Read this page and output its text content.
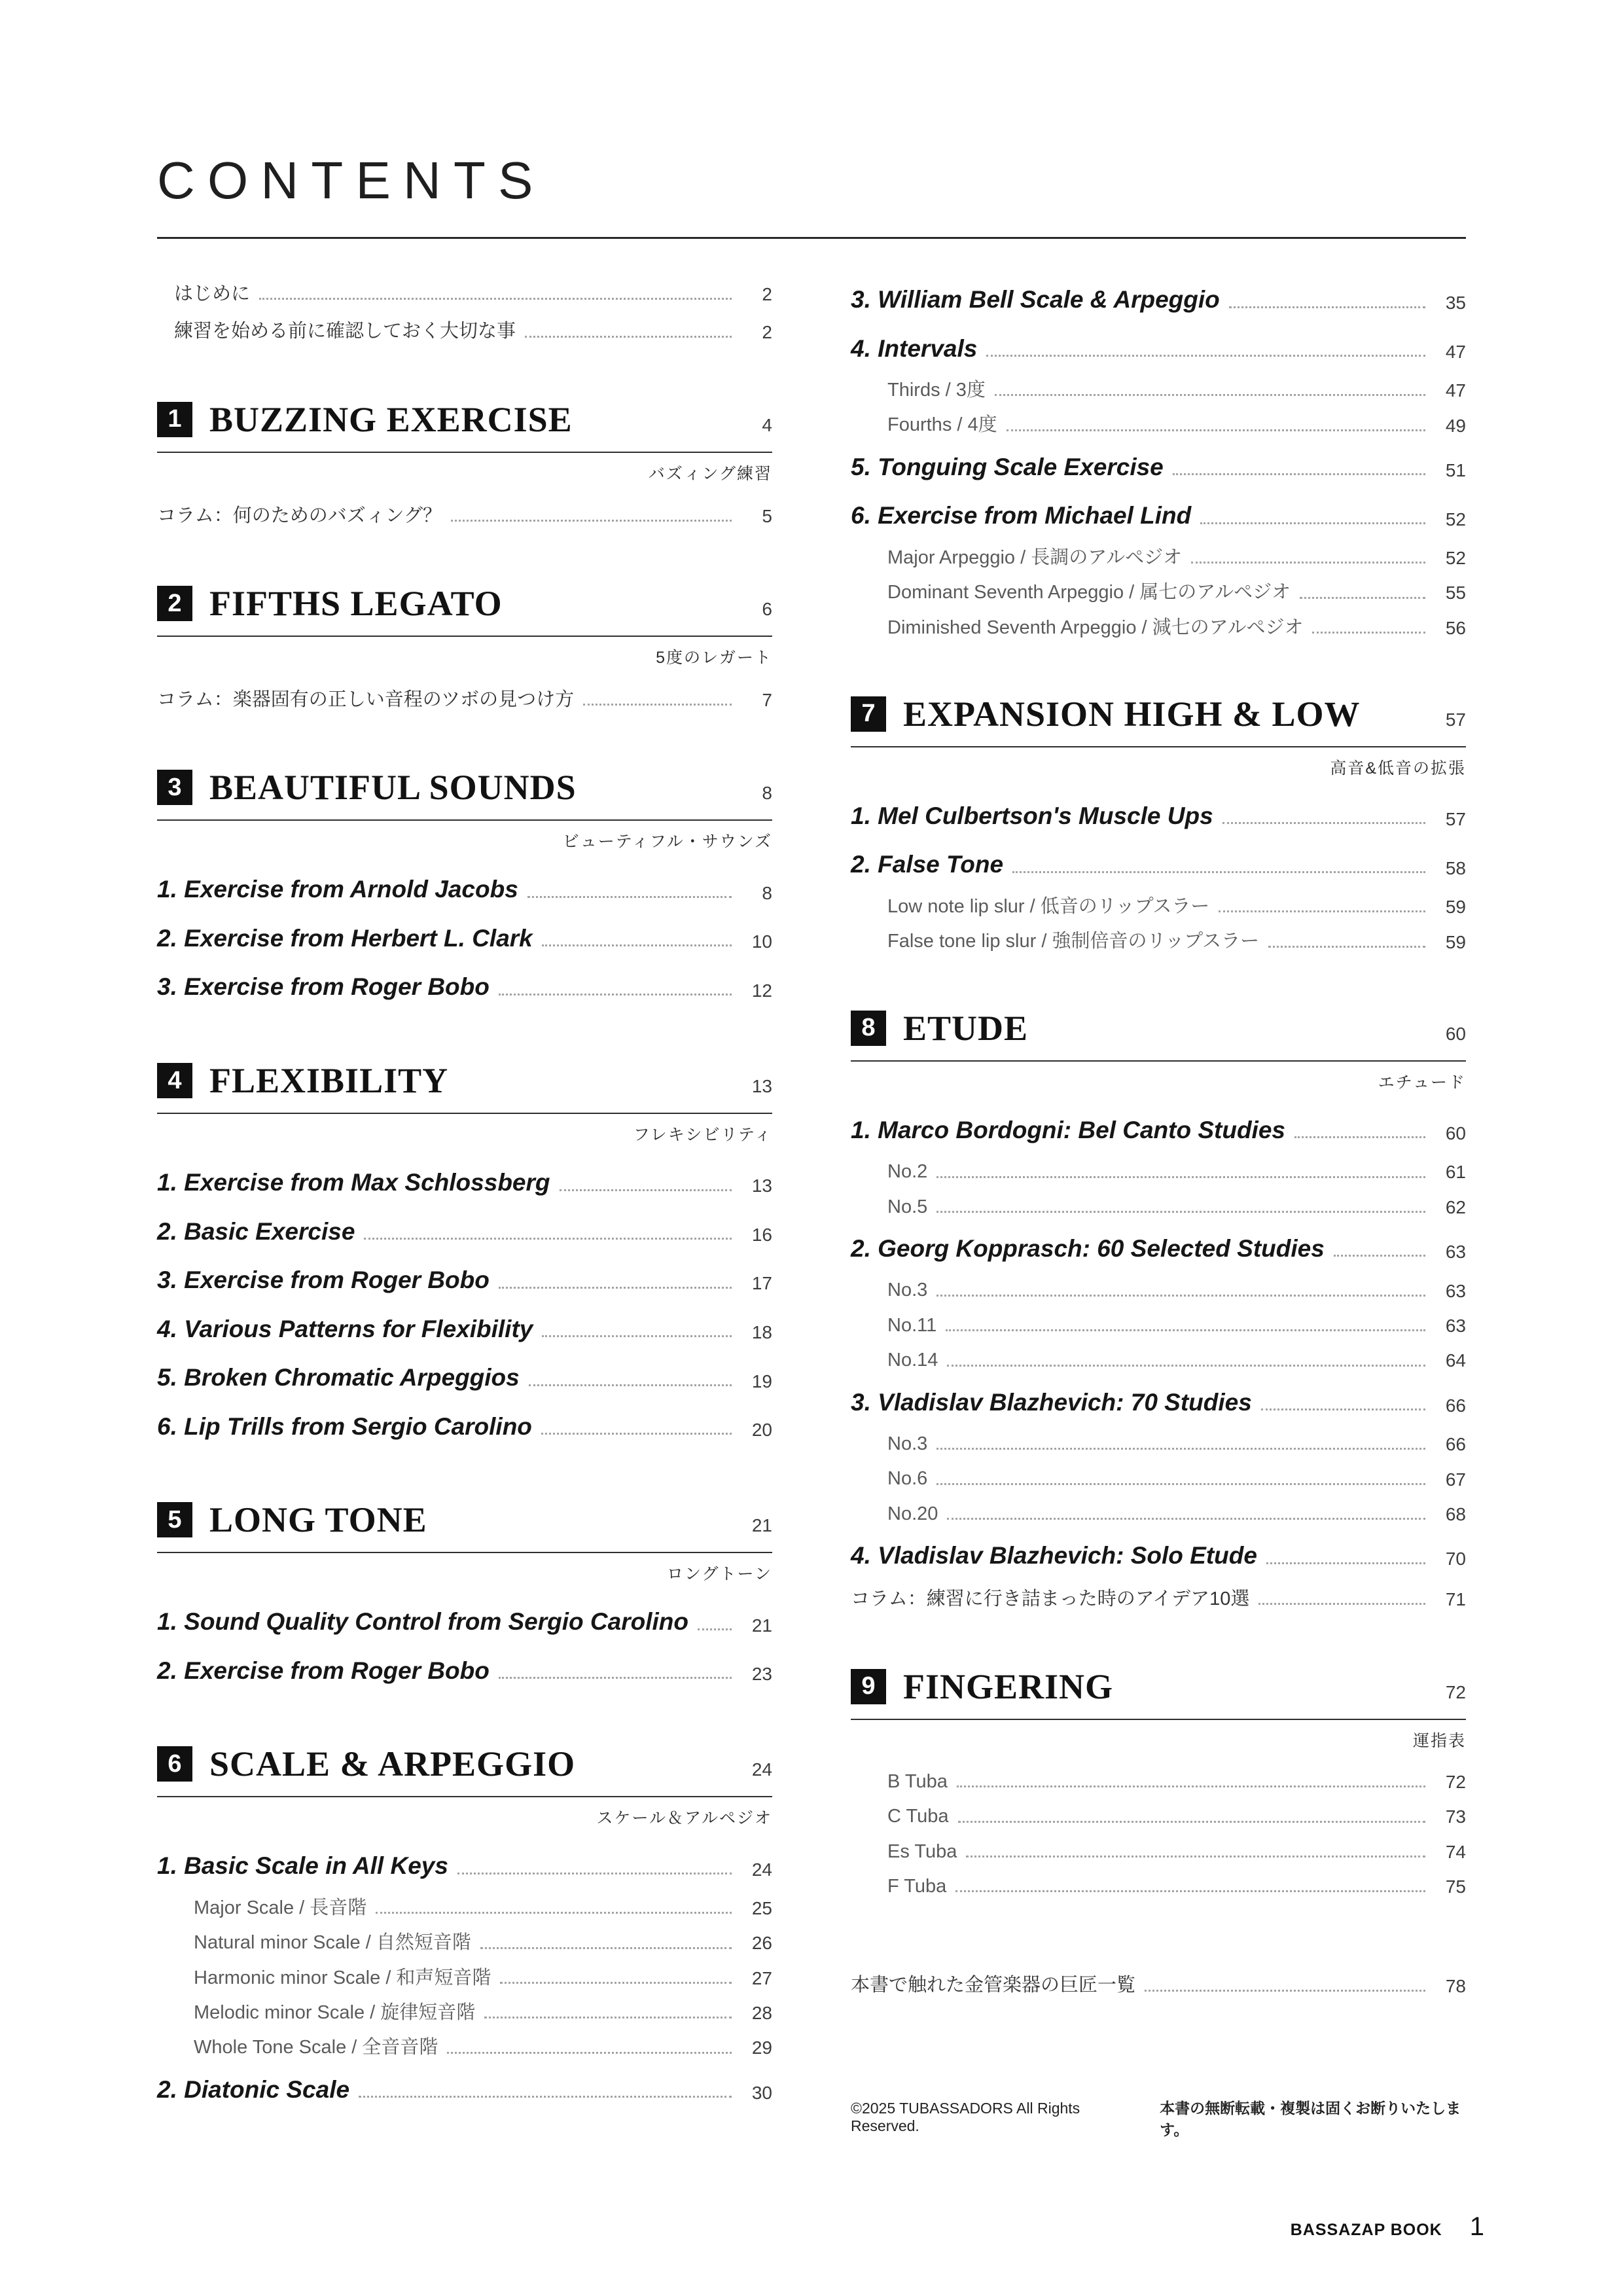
CONTENTS
はじめに	2
練習を始める前に確認しておく大切な事	2
1 BUZZING EXERCISE	4
バズィング練習
コラム：何のためのバズィング？	5
2 FIFTHS LEGATO	6
5度のレガート
コラム：楽器固有の正しい音程のツボの見つけ方	7
3 BEAUTIFUL SOUNDS	8
ビューティフル・サウンズ
1. Exercise from Arnold Jacobs	8
2. Exercise from Herbert L. Clark	10
3. Exercise from Roger Bobo	12
4 FLEXIBILITY	13
フレキシビリティ
1. Exercise from Max Schlossberg	13
2. Basic Exercise	16
3. Exercise from Roger Bobo	17
4. Various Patterns for Flexibility	18
5. Broken Chromatic Arpeggios	19
6. Lip Trills from Sergio Carolino	20
5 LONG TONE	21
ロングトーン
1. Sound Quality Control from Sergio Carolino	21
2. Exercise from Roger Bobo	23
6 SCALE & ARPEGGIO	24
スケール＆アルペジオ
1. Basic Scale in All Keys	24
Major Scale / 長音階	25
Natural minor Scale / 自然短音階	26
Harmonic minor Scale / 和声短音階	27
Melodic minor Scale / 旋律短音階	28
Whole Tone Scale / 全音音階	29
2. Diatonic Scale	30
3. William Bell Scale & Arpeggio	35
4. Intervals	47
Thirds / 3度	47
Fourths / 4度	49
5. Tonguing Scale Exercise	51
6. Exercise from Michael Lind	52
Major Arpeggio / 長調のアルペジオ	52
Dominant Seventh Arpeggio / 属七のアルペジオ	55
Diminished Seventh Arpeggio / 減七のアルペジオ	56
7 EXPANSION HIGH & LOW	57
高音&低音の拡張
1. Mel Culbertson's Muscle Ups	57
2. False Tone	58
Low note lip slur / 低音のリップスラー	59
False tone lip slur / 強制倍音のリップスラー	59
8 ETUDE	60
エチュード
1. Marco Bordogni: Bel Canto Studies	60
No.2	61
No.5	62
2. Georg Kopprasch: 60 Selected Studies	63
No.3	63
No.11	63
No.14	64
3. Vladislav Blazhevich: 70 Studies	66
No.3	66
No.6	67
No.20	68
4. Vladislav Blazhevich: Solo Etude	70
コラム：練習に行き詰まった時のアイデア10選	71
9 FINGERING	72
運指表
B Tuba	72
C Tuba	73
Es Tuba	74
F Tuba	75
本書で触れた金管楽器の巨匠一覧	78
©2025 TUBASSADORS All Rights Reserved.
本書の無断転載・複製は固くお断りいたします。
BASSAZAP BOOK 1
